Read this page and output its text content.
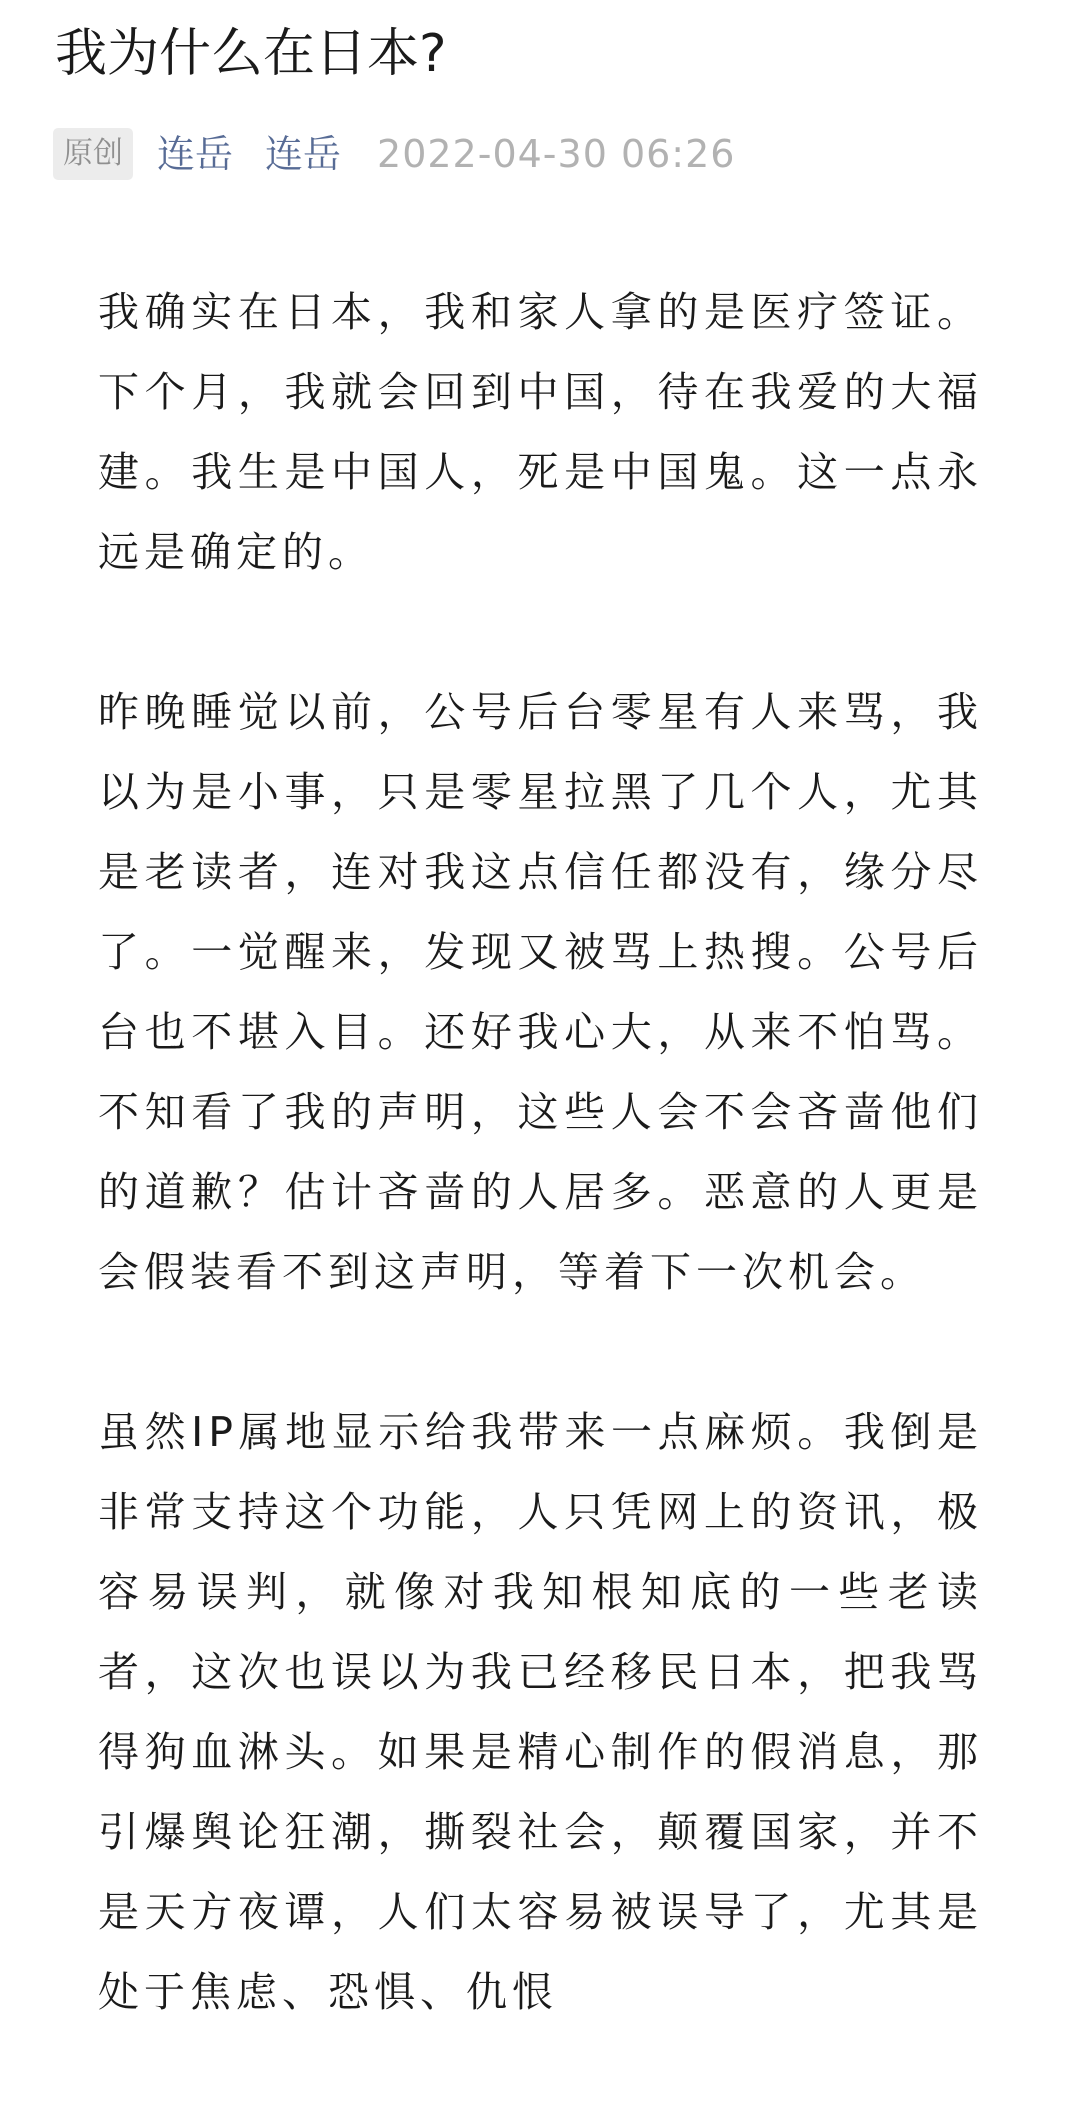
我为什么在日本?
原创 连岳 连岳 2022-04-30 06:26

我确实在日本，我和家人拿的是医疗签证。下个月，我就会回到中国，待在我爱的大福建。我生是中国人，死是中国鬼。这一点永远是确定的。

昨晚睡觉以前，公号后台零星有人来骂，我以为是小事，只是零星拉黑了几个人，尤其是老读者，连对我这点信任都没有，缘分尽了。一觉醒来，发现又被骂上热搜。公号后台也不堪入目。还好我心大，从来不怕骂。不知看了我的声明，这些人会不会吝啬他们的道歉？估计吝啬的人居多。恶意的人更是会假装看不到这声明，等着下一次机会。

虽然IP属地显示给我带来一点麻烦。我倒是非常支持这个功能，人只凭网上的资讯，极容易误判，就像对我知根知底的一些老读者，这次也误以为我已经移民日本，把我骂得狗血淋头。如果是精心制作的假消息，那引爆舆论狂潮，撕裂社会，颠覆国家，并不是天方夜谭，人们太容易被误导了，尤其是处于焦虑、恐惧、仇恨
